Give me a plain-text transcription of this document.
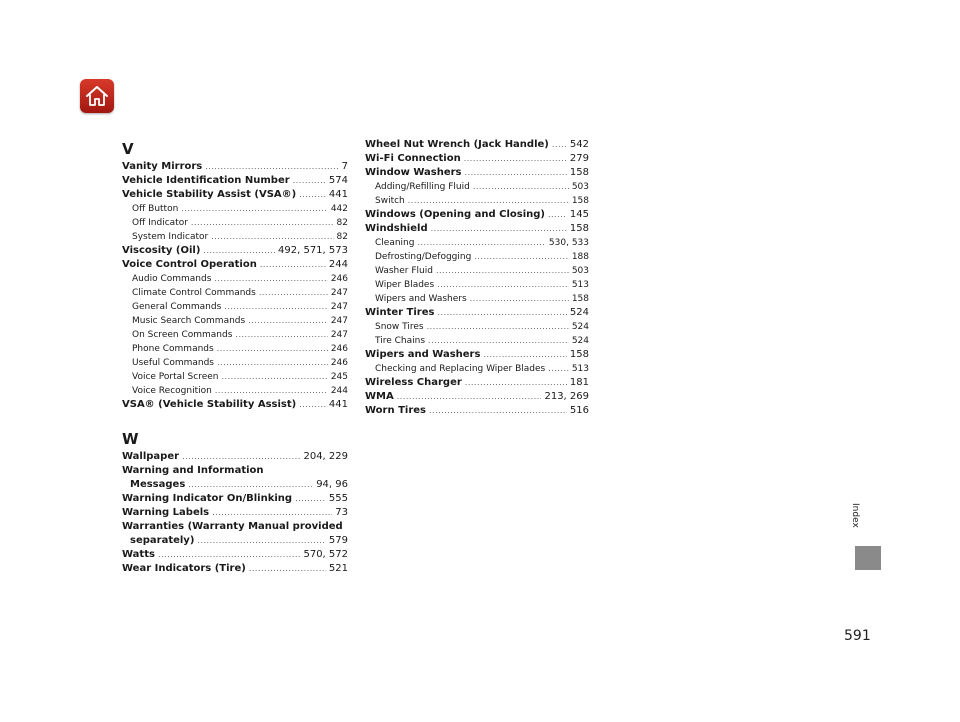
V
Vanity Mirrors .....	7
Vehicle Identification Number .....	574
Vehicle Stability Assist (VSA®) .....	441
Off Button .....	442
Off Indicator .....	82
System Indicator .....	82
Viscosity (Oil) .....	492, 571, 573
Voice Control Operation .....	244
Audio Commands .....	246
Climate Control Commands .....	247
General Commands .....	247
Music Search Commands .....	247
On Screen Commands .....	247
Phone Commands .....	246
Useful Commands .....	246
Voice Portal Screen .....	245
Voice Recognition .....	244
VSA® (Vehicle Stability Assist) .....	441
W
Wallpaper .....	204, 229
Warning and Information
Messages .....	94, 96
Warning Indicator On/Blinking .....	555
Warning Labels .....	73
Warranties (Warranty Manual provided
separately) .....	579
Watts .....	570, 572
Wear Indicators (Tire) .....	521
Wheel Nut Wrench (Jack Handle) ..... 542
Wi-Fi Connection .....	279
Window Washers .....	158
Adding/Refilling Fluid .....	503
Switch .....	158
Windows (Opening and Closing) ..... 145
Windshield .....	158
Cleaning .....	530, 533
Defrosting/Defogging .....	188
Washer Fluid .....	503
Wiper Blades .....	513
Wipers and Washers .....	158
Winter Tires .....	524
Snow Tires .....	524
Tire Chains .....	524
Wipers and Washers .....	158
Checking and Replacing Wiper Blades .....	513
Wireless Charger .....	181
WMA .....	213, 269
Worn Tires .....	516
Index
591
